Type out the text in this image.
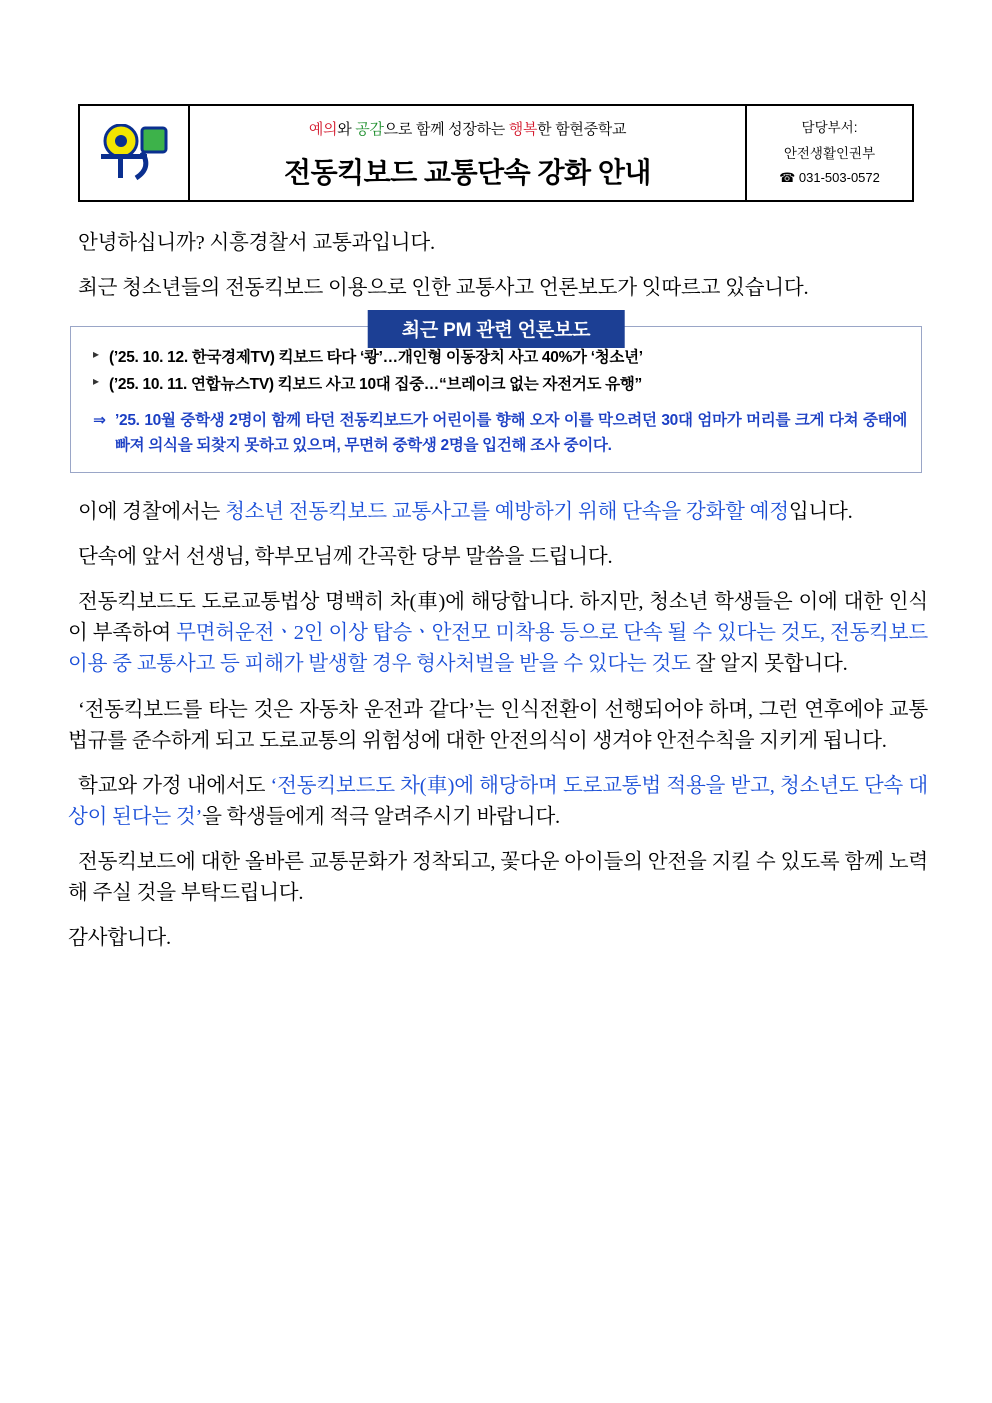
예의와 공감으로 함께 성장하는 행복한 함현중학교
전동킥보드 교통단속 강화 안내
담당부서:
안전생활인권부
☎ 031-503-0572

안녕하십니까? 시흥경찰서 교통과입니다.

최근 청소년들의 전동킥보드 이용으로 인한 교통사고 언론보도가 잇따르고 있습니다.

최근 PM 관련 언론보도
▸ (’25. 10. 12. 한국경제TV) 킥보드 타다 ‘쾅’…개인형 이동장치 사고 40%가 ‘청소년’
▸ (’25. 10. 11. 연합뉴스TV) 킥보드 사고 10대 집중…“브레이크 없는 자전거도 유행”
⇒ ’25. 10월 중학생 2명이 함께 타던 전동킥보드가 어린이를 향해 오자 이를 막으려던 30대 엄마가 머리를 크게 다쳐 중태에 빠져 의식을 되찾지 못하고 있으며, 무면허 중학생 2명을 입건해 조사 중이다.

이에 경찰에서는 청소년 전동킥보드 교통사고를 예방하기 위해 단속을 강화할 예정입니다.

단속에 앞서 선생님, 학부모님께 간곡한 당부 말씀을 드립니다.

전동킥보드도 도로교통법상 명백히 차(車)에 해당합니다. 하지만, 청소년 학생들은 이에 대한 인식이 부족하여 무면허운전ㆍ2인 이상 탑승ㆍ안전모 미착용 등으로 단속 될 수 있다는 것도, 전동킥보드 이용 중 교통사고 등 피해가 발생할 경우 형사처벌을 받을 수 있다는 것도 잘 알지 못합니다.

‘전동킥보드를 타는 것은 자동차 운전과 같다’는 인식전환이 선행되어야 하며, 그런 연후에야 교통법규를 준수하게 되고 도로교통의 위험성에 대한 안전의식이 생겨야 안전수칙을 지키게 됩니다.

학교와 가정 내에서도 ‘전동킥보드도 차(車)에 해당하며 도로교통법 적용을 받고, 청소년도 단속 대상이 된다는 것’을 학생들에게 적극 알려주시기 바랍니다.

전동킥보드에 대한 올바른 교통문화가 정착되고, 꽃다운 아이들의 안전을 지킬 수 있도록 함께 노력해 주실 것을 부탁드립니다.

감사합니다.
